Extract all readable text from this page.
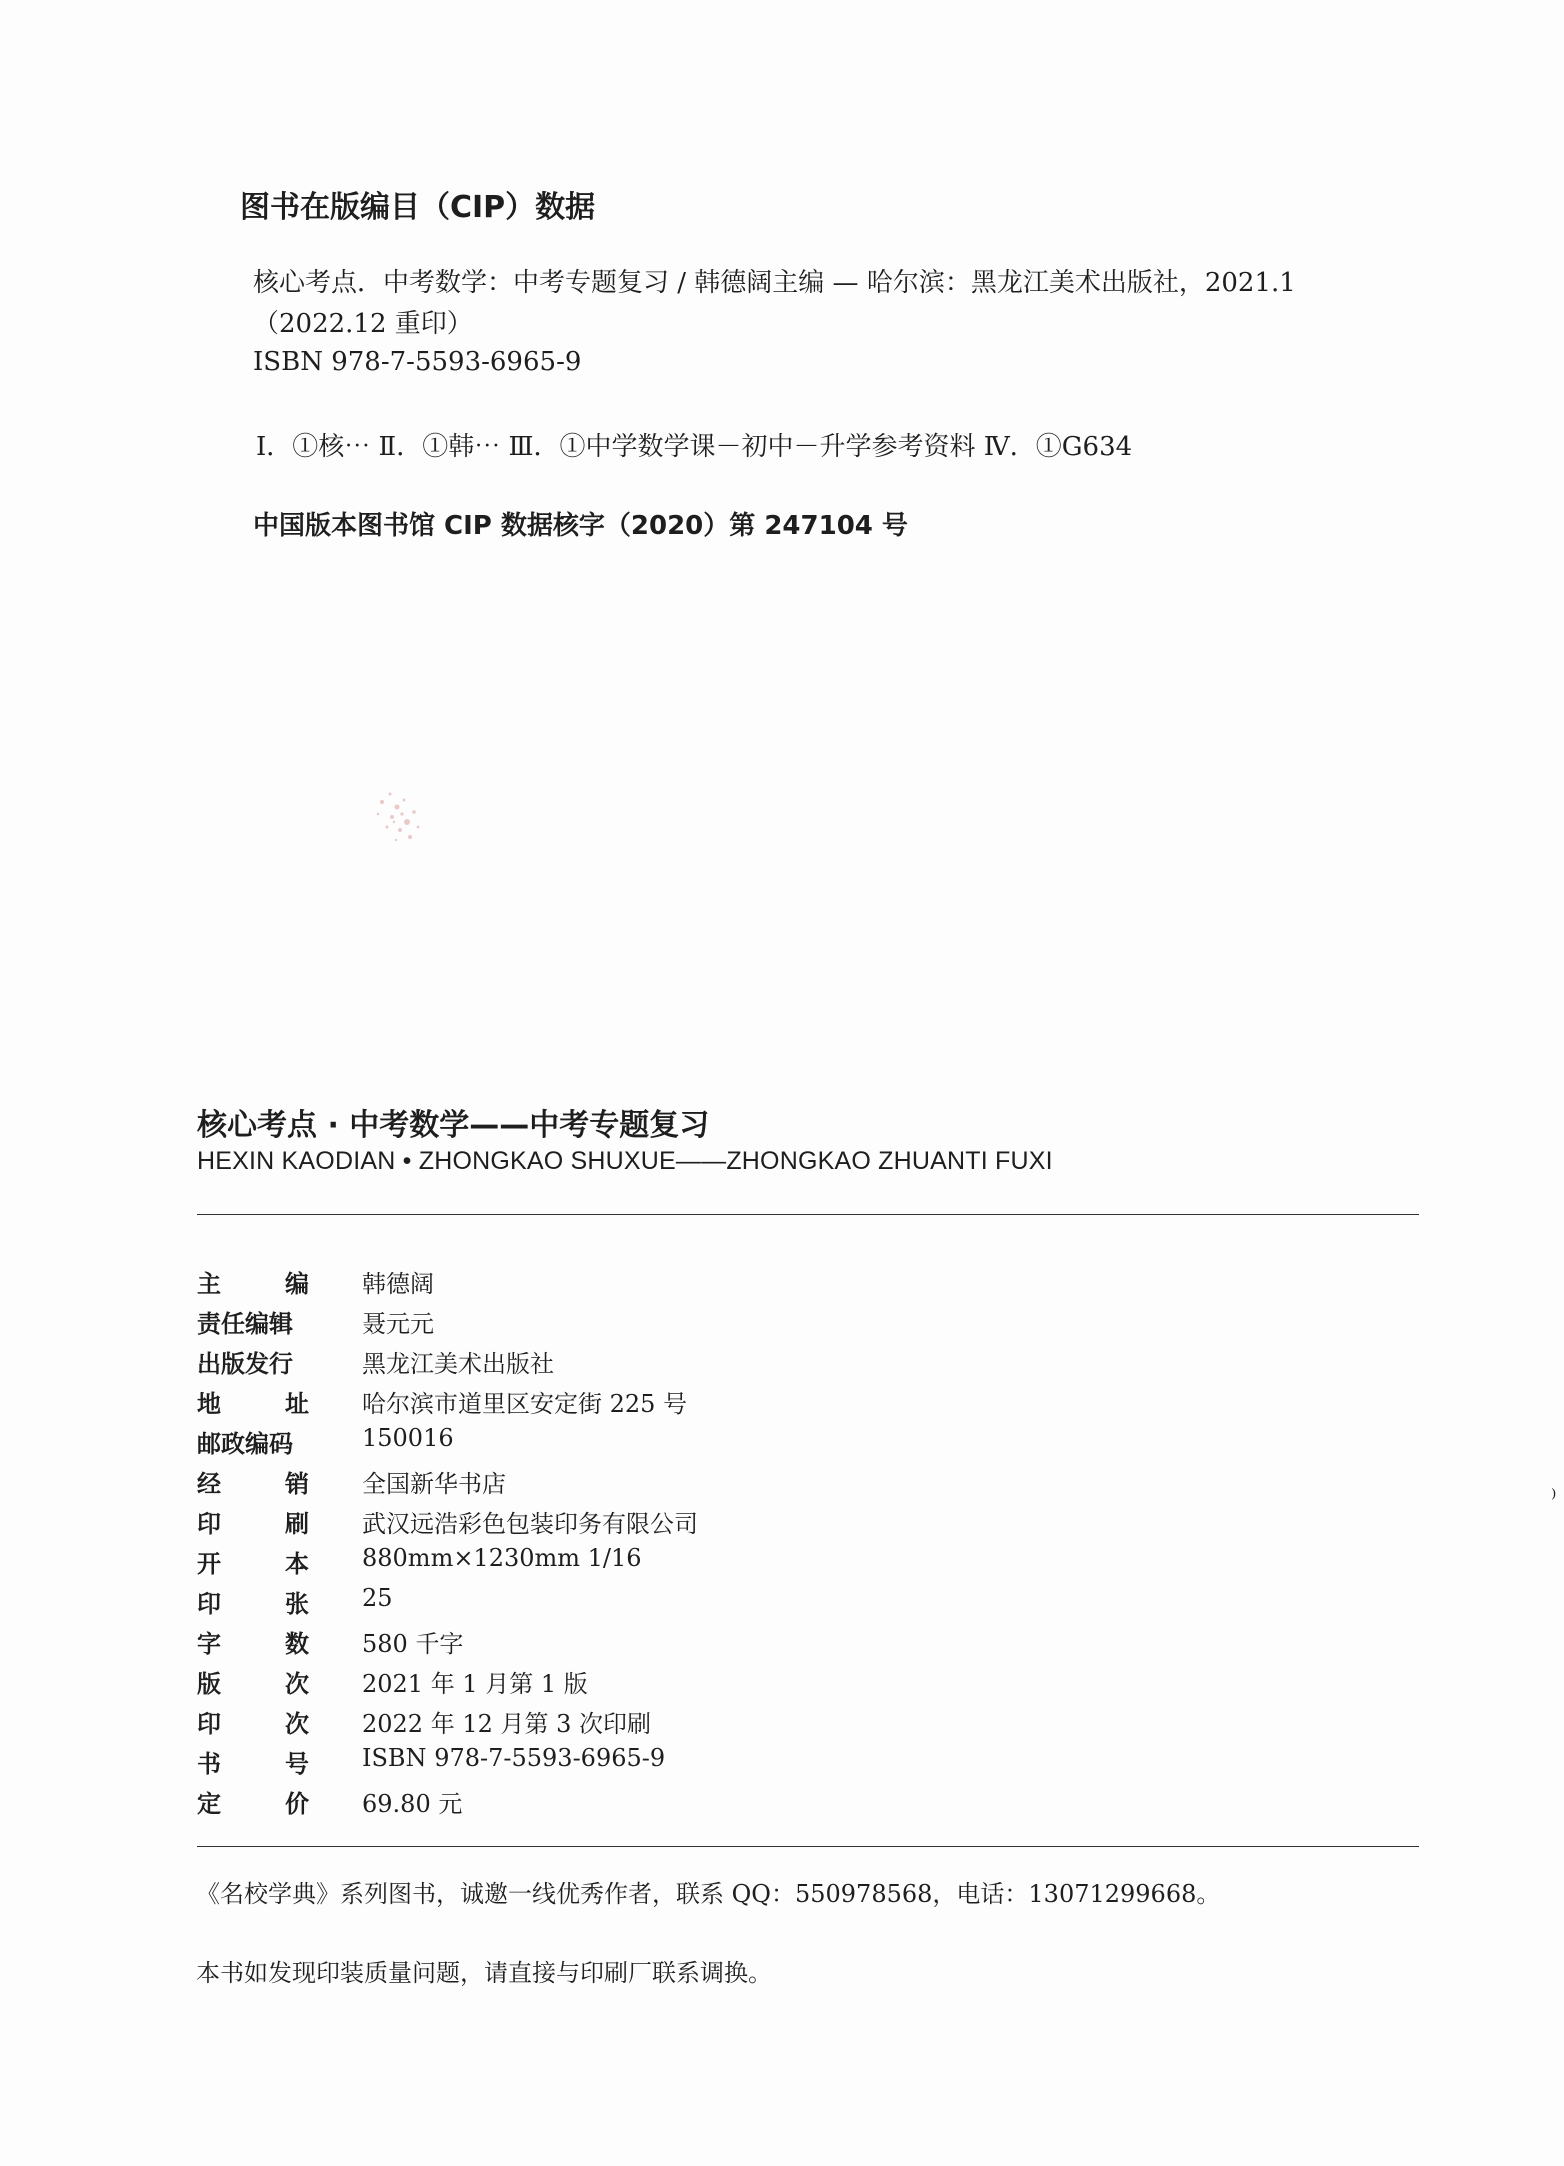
图书在版编目（CIP）数据
核心考点．中考数学：中考专题复习 / 韩德阔主编 — 哈尔滨：黑龙江美术出版社，2021.1
（2022.12 重印）
ISBN 978-7-5593-6965-9
Ⅰ．①核⋯ Ⅱ．①韩⋯ Ⅲ．①中学数学课－初中－升学参考资料 Ⅳ．①G634
中国版本图书馆 CIP 数据核字（2020）第 247104 号
核心考点 · 中考数学——中考专题复习
HEXIN KAODIAN • ZHONGKAO SHUXUE——ZHONGKAO ZHUANTI FUXI
主	编 韩德阔
责任编辑	聂元元
出版发行	黑龙江美术出版社
地	址 哈尔滨市道里区安定街 225 号
邮政编码	150016
经	销 全国新华书店
印	刷 武汉远浩彩色包装印务有限公司
开	本 880mm×1230mm 1/16
印	张 25
字	数 580 千字
版	次 2021 年 1 月第 1 版
印	次 2022 年 12 月第 3 次印刷
书	号 ISBN 978-7-5593-6965-9
定	价 69.80 元
《名校学典》系列图书，诚邀一线优秀作者，联系 QQ：550978568，电话：13071299668。
本书如发现印装质量问题，请直接与印刷厂联系调换。
⁾
